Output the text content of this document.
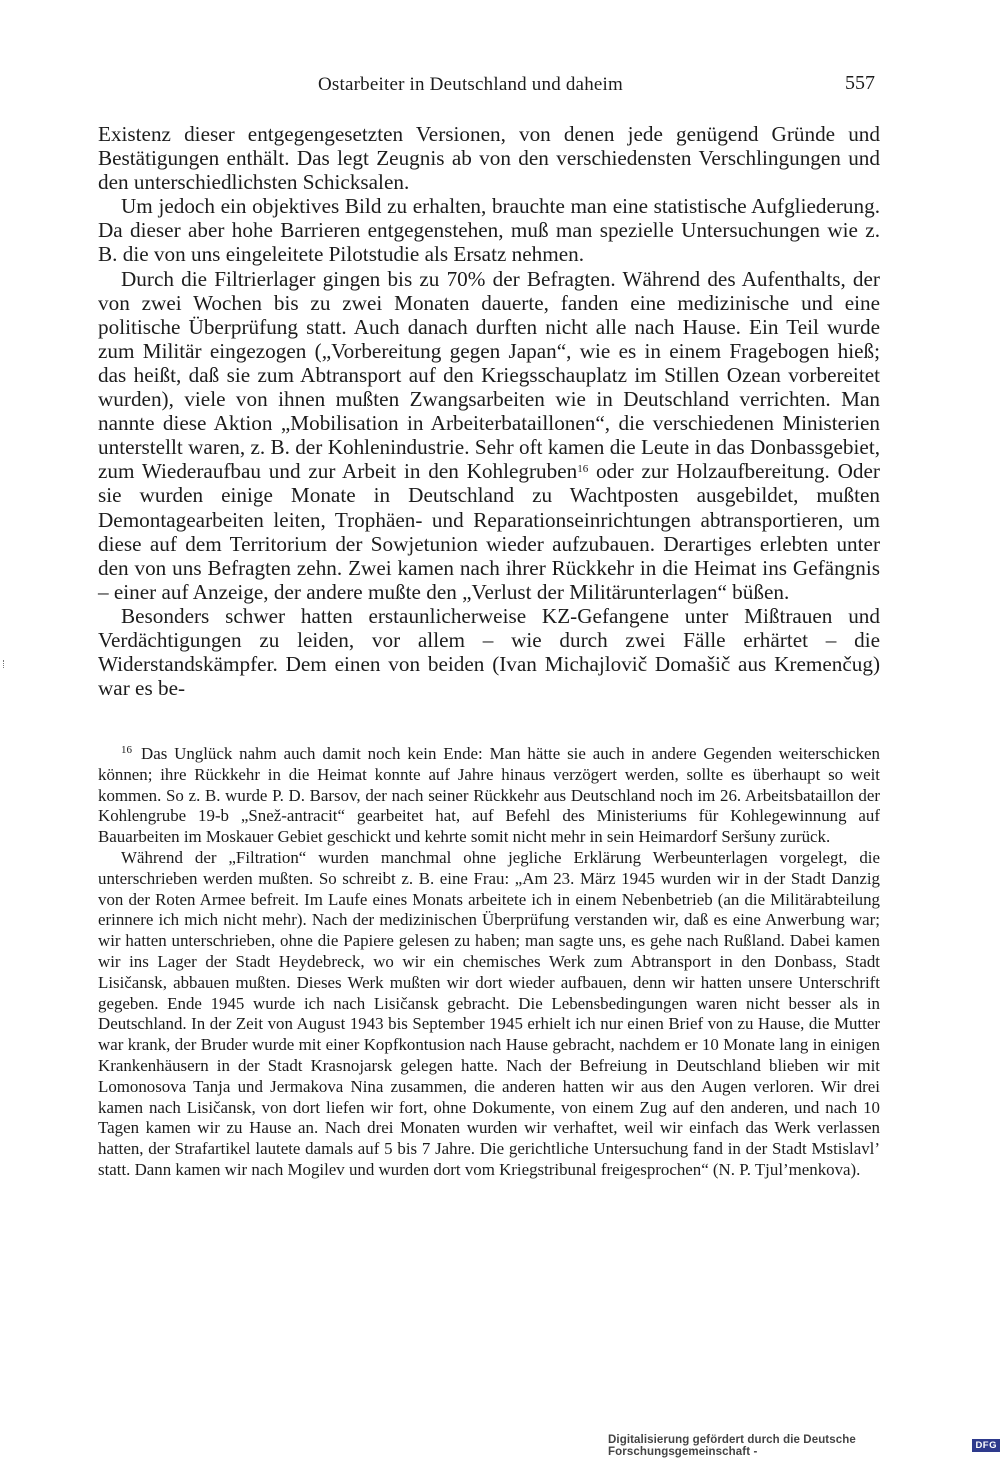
Ostarbeiter in Deutschland und daheim	557

Existenz dieser entgegengesetzten Versionen, von denen jede genügend Gründe und Bestätigungen enthält. Das legt Zeugnis ab von den verschiedensten Verschlingungen und den unterschiedlichsten Schicksalen.

Um jedoch ein objektives Bild zu erhalten, brauchte man eine statistische Aufgliederung. Da dieser aber hohe Barrieren entgegenstehen, muß man spezielle Untersuchungen wie z. B. die von uns eingeleitete Pilotstudie als Ersatz nehmen.

Durch die Filtrierlager gingen bis zu 70% der Befragten. Während des Aufenthalts, der von zwei Wochen bis zu zwei Monaten dauerte, fanden eine medizinische und eine politische Überprüfung statt. Auch danach durften nicht alle nach Hause. Ein Teil wurde zum Militär eingezogen („Vorbereitung gegen Japan“, wie es in einem Fragebogen hieß; das heißt, daß sie zum Abtransport auf den Kriegsschauplatz im Stillen Ozean vorbereitet wurden), viele von ihnen mußten Zwangsarbeiten wie in Deutschland verrichten. Man nannte diese Aktion „Mobilisation in Arbeiterbataillonen“, die verschiedenen Ministerien unterstellt waren, z. B. der Kohlenindustrie. Sehr oft kamen die Leute in das Donbassgebiet, zum Wiederaufbau und zur Arbeit in den Kohlegruben$^{16}$ oder zur Holzaufbereitung. Oder sie wurden einige Monate in Deutschland zu Wachtposten ausgebildet, mußten Demontagearbeiten leiten, Trophäen- und Reparationseinrichtungen abtransportieren, um diese auf dem Territorium der Sowjetunion wieder aufzubauen. Derartiges erlebten unter den von uns Befragten zehn. Zwei kamen nach ihrer Rückkehr in die Heimat ins Gefängnis – einer auf Anzeige, der andere mußte den „Verlust der Militärunterlagen“ büßen.

Besonders schwer hatten erstaunlicherweise KZ-Gefangene unter Mißtrauen und Verdächtigungen zu leiden, vor allem – wie durch zwei Fälle erhärtet – die Widerstandskämpfer. Dem einen von beiden (Ivan Michajlovič Domašič aus Kremenčug) war es be-

$^{16}$ Das Unglück nahm auch damit noch kein Ende: Man hätte sie auch in andere Gegenden weiterschicken können; ihre Rückkehr in die Heimat konnte auf Jahre hinaus verzögert werden, sollte es überhaupt so weit kommen. So z. B. wurde P. D. Barsov, der nach seiner Rückkehr aus Deutschland noch im 26. Arbeitsbataillon der Kohlengrube 19-b „Snež-antracit“ gearbeitet hat, auf Befehl des Ministeriums für Kohlegewinnung auf Bauarbeiten im Moskauer Gebiet geschickt und kehrte somit nicht mehr in sein Heimardorf Seršuny zurück.

Während der „Filtration“ wurden manchmal ohne jegliche Erklärung Werbeunterlagen vorgelegt, die unterschrieben werden mußten. So schreibt z. B. eine Frau: „Am 23. März 1945 wurden wir in der Stadt Danzig von der Roten Armee befreit. Im Laufe eines Monats arbeitete ich in einem Nebenbetrieb (an die Militärabteilung erinnere ich mich nicht mehr). Nach der medizinischen Überprüfung verstanden wir, daß es eine Anwerbung war; wir hatten unterschrieben, ohne die Papiere gelesen zu haben; man sagte uns, es gehe nach Rußland. Dabei kamen wir ins Lager der Stadt Heydebreck, wo wir ein chemisches Werk zum Abtransport in den Donbass, Stadt Lisičansk, abbauen mußten. Dieses Werk mußten wir dort wieder aufbauen, denn wir hatten unsere Unterschrift gegeben. Ende 1945 wurde ich nach Lisičansk gebracht. Die Lebensbedingungen waren nicht besser als in Deutschland. In der Zeit von August 1943 bis September 1945 erhielt ich nur einen Brief von zu Hause, die Mutter war krank, der Bruder wurde mit einer Kopfkontusion nach Hause gebracht, nachdem er 10 Monate lang in einigen Krankenhäusern in der Stadt Krasnojarsk gelegen hatte. Nach der Befreiung in Deutschland blieben wir mit Lomonosova Tanja und Jermakova Nina zusammen, die anderen hatten wir aus den Augen verloren. Wir drei kamen nach Lisičansk, von dort liefen wir fort, ohne Dokumente, von einem Zug auf den anderen, und nach 10 Tagen kamen wir zu Hause an. Nach drei Monaten wurden wir verhaftet, weil wir einfach das Werk verlassen hatten, der Strafartikel lautete damals auf 5 bis 7 Jahre. Die gerichtliche Untersuchung fand in der Stadt Mstislavl’ statt. Dann kamen wir nach Mogilev und wurden dort vom Kriegstribunal freigesprochen“ (N. P. Tjul’menkova).

Digitalisierung gefördert durch die Deutsche Forschungsgemeinschaft -	DFG
